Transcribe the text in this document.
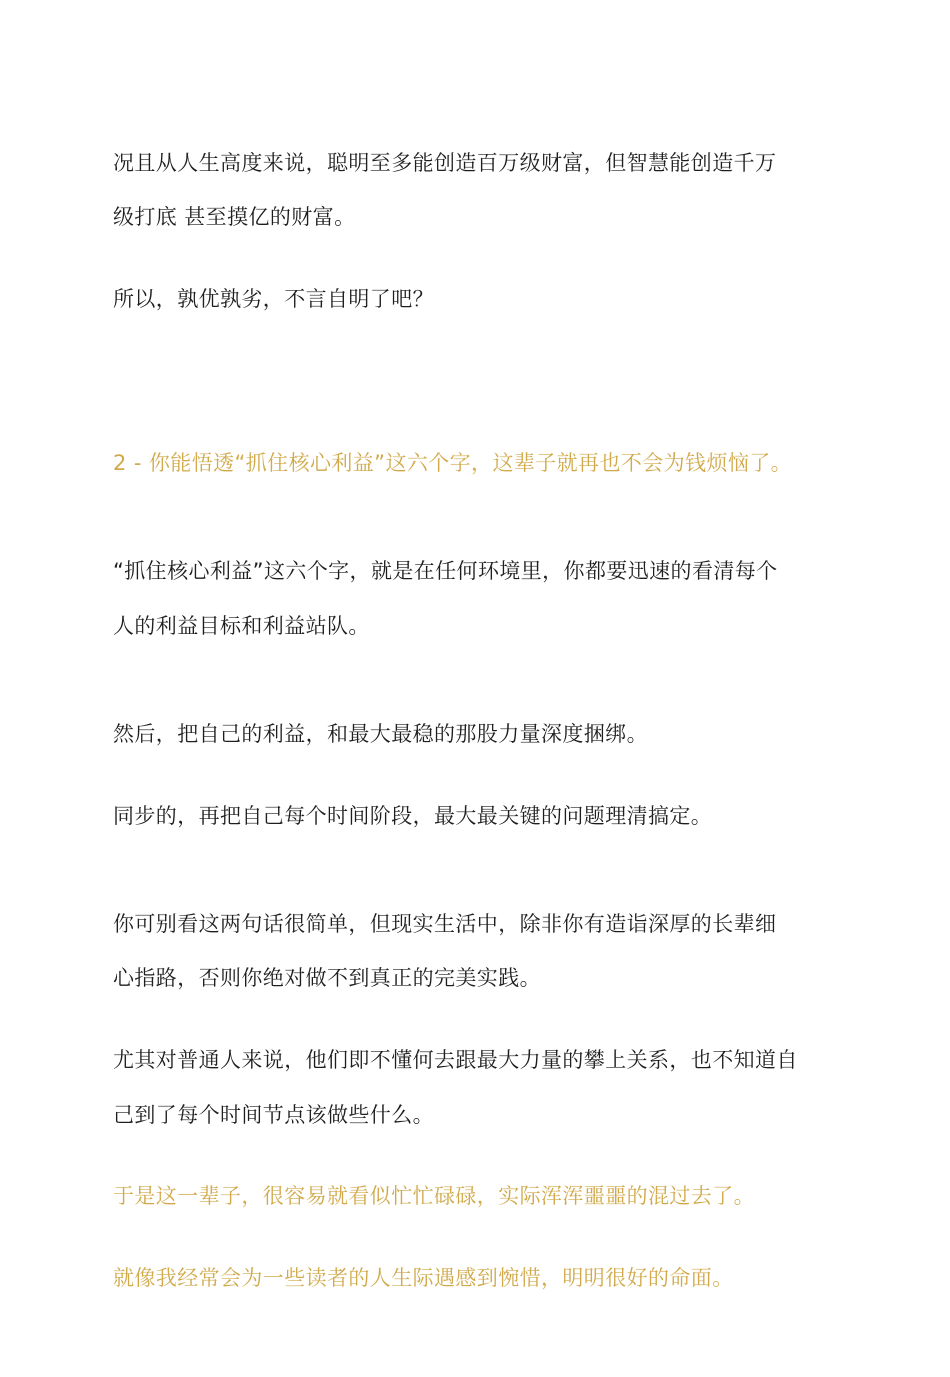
况且从人生高度来说，聪明至多能创造百万级财富，但智慧能创造千万
级打底 甚至摸亿的财富。
所以，孰优孰劣，不言自明了吧？
2 - 你能悟透“抓住核心利益”这六个字，这辈子就再也不会为钱烦恼了。
“抓住核心利益”这六个字，就是在任何环境里，你都要迅速的看清每个
人的利益目标和利益站队。
然后，把自己的利益，和最大最稳的那股力量深度捆绑。
同步的，再把自己每个时间阶段，最大最关键的问题理清搞定。
你可别看这两句话很简单，但现实生活中，除非你有造诣深厚的长辈细
心指路，否则你绝对做不到真正的完美实践。
尤其对普通人来说，他们即不懂何去跟最大力量的攀上关系，也不知道自
己到了每个时间节点该做些什么。
于是这一辈子，很容易就看似忙忙碌碌，实际浑浑噩噩的混过去了。
就像我经常会为一些读者的人生际遇感到惋惜，明明很好的命面。
